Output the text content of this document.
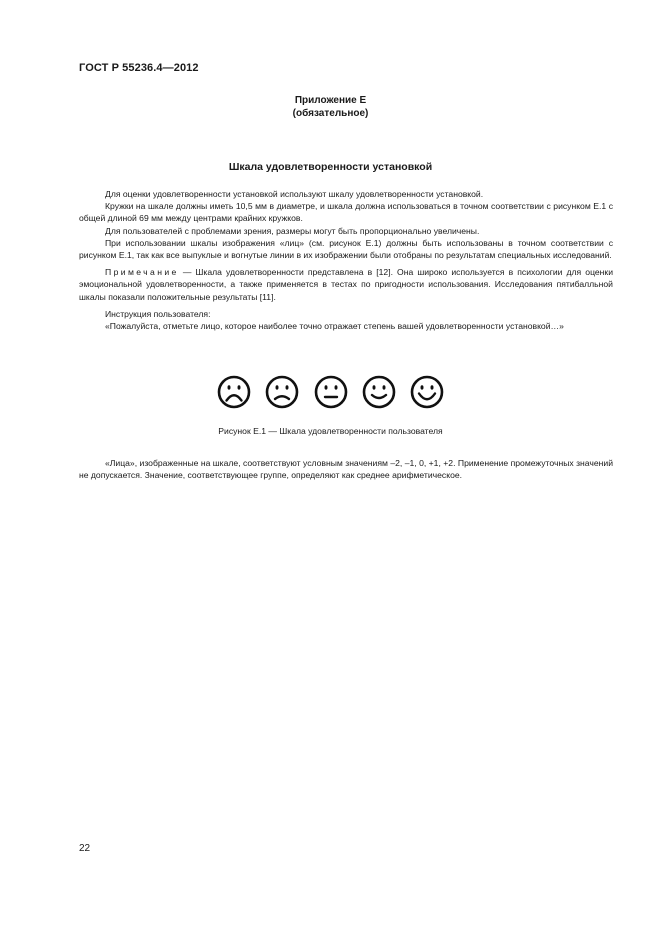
ГОСТ Р 55236.4—2012
Приложение Е
(обязательное)
Шкала удовлетворенности установкой

Для оценки удовлетворенности установкой используют шкалу удовлетворенности установкой.

Кружки на шкале должны иметь 10,5 мм в диаметре, и шкала должна использоваться в точном соответствии с рисунком Е.1 с общей длиной 69 мм между центрами крайних кружков.

Для пользователей с проблемами зрения, размеры могут быть пропорционально увеличены.

При использовании шкалы изображения «лиц» (см. рисунок Е.1) должны быть использованы в точном соответствии с рисунком Е.1, так как все выпуклые и вогнутые линии в их изображении были отобраны по результатам специальных исследований.

Примечание — Шкала удовлетворенности представлена в [12]. Она широко используется в психологии для оценки эмоциональной удовлетворенности, а также применяется в тестах по пригодности использования. Исследования пятибалльной шкалы показали положительные результаты [11].

Инструкция пользователя:

«Пожалуйста, отметьте лицо, которое наиболее точно отражает степень вашей удовлетворенности установкой…»

Рисунок Е.1 — Шкала удовлетворенности пользователя

«Лица», изображенные на шкале, соответствуют условным значениям –2, –1, 0, +1, +2. Применение промежуточных значений не допускается. Значение, соответствующее группе, определяют как среднее арифметическое.

22
